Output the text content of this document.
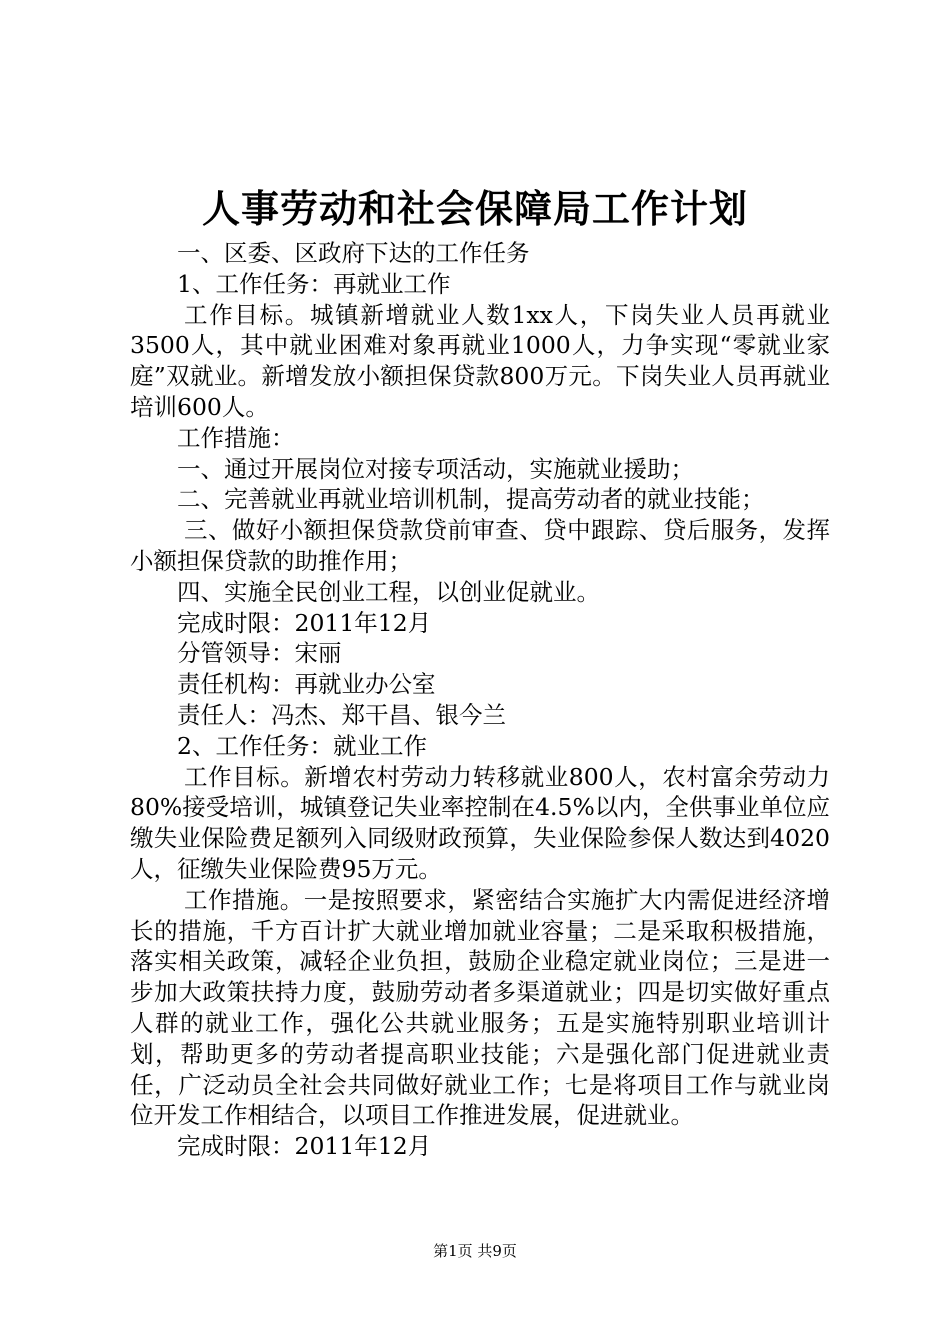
人事劳动和社会保障局工作计划

一、区委、区政府下达的工作任务

1、工作任务：再就业工作

工作目标。城镇新增就业人数1xx人，下岗失业人员再就业3500人，其中就业困难对象再就业1000人，力争实现“零就业家庭”双就业。新增发放小额担保贷款800万元。下岗失业人员再就业培训600人。

工作措施：

一、通过开展岗位对接专项活动，实施就业援助；

二、完善就业再就业培训机制，提高劳动者的就业技能；

三、做好小额担保贷款贷前审查、贷中跟踪、贷后服务，发挥小额担保贷款的助推作用；

四、实施全民创业工程，以创业促就业。

完成时限：2011年12月

分管领导：宋丽

责任机构：再就业办公室

责任人：冯杰、郑干昌、银今兰

2、工作任务：就业工作

工作目标。新增农村劳动力转移就业800人，农村富余劳动力80%接受培训，城镇登记失业率控制在4.5%以内，全供事业单位应缴失业保险费足额列入同级财政预算，失业保险参保人数达到4020人，征缴失业保险费95万元。

工作措施。一是按照要求，紧密结合实施扩大内需促进经济增长的措施，千方百计扩大就业增加就业容量；二是采取积极措施，落实相关政策，减轻企业负担，鼓励企业稳定就业岗位；三是进一步加大政策扶持力度，鼓励劳动者多渠道就业；四是切实做好重点人群的就业工作，强化公共就业服务；五是实施特别职业培训计划，帮助更多的劳动者提高职业技能；六是强化部门促进就业责任，广泛动员全社会共同做好就业工作；七是将项目工作与就业岗位开发工作相结合，以项目工作推进发展，促进就业。

完成时限：2011年12月

第1页 共9页
